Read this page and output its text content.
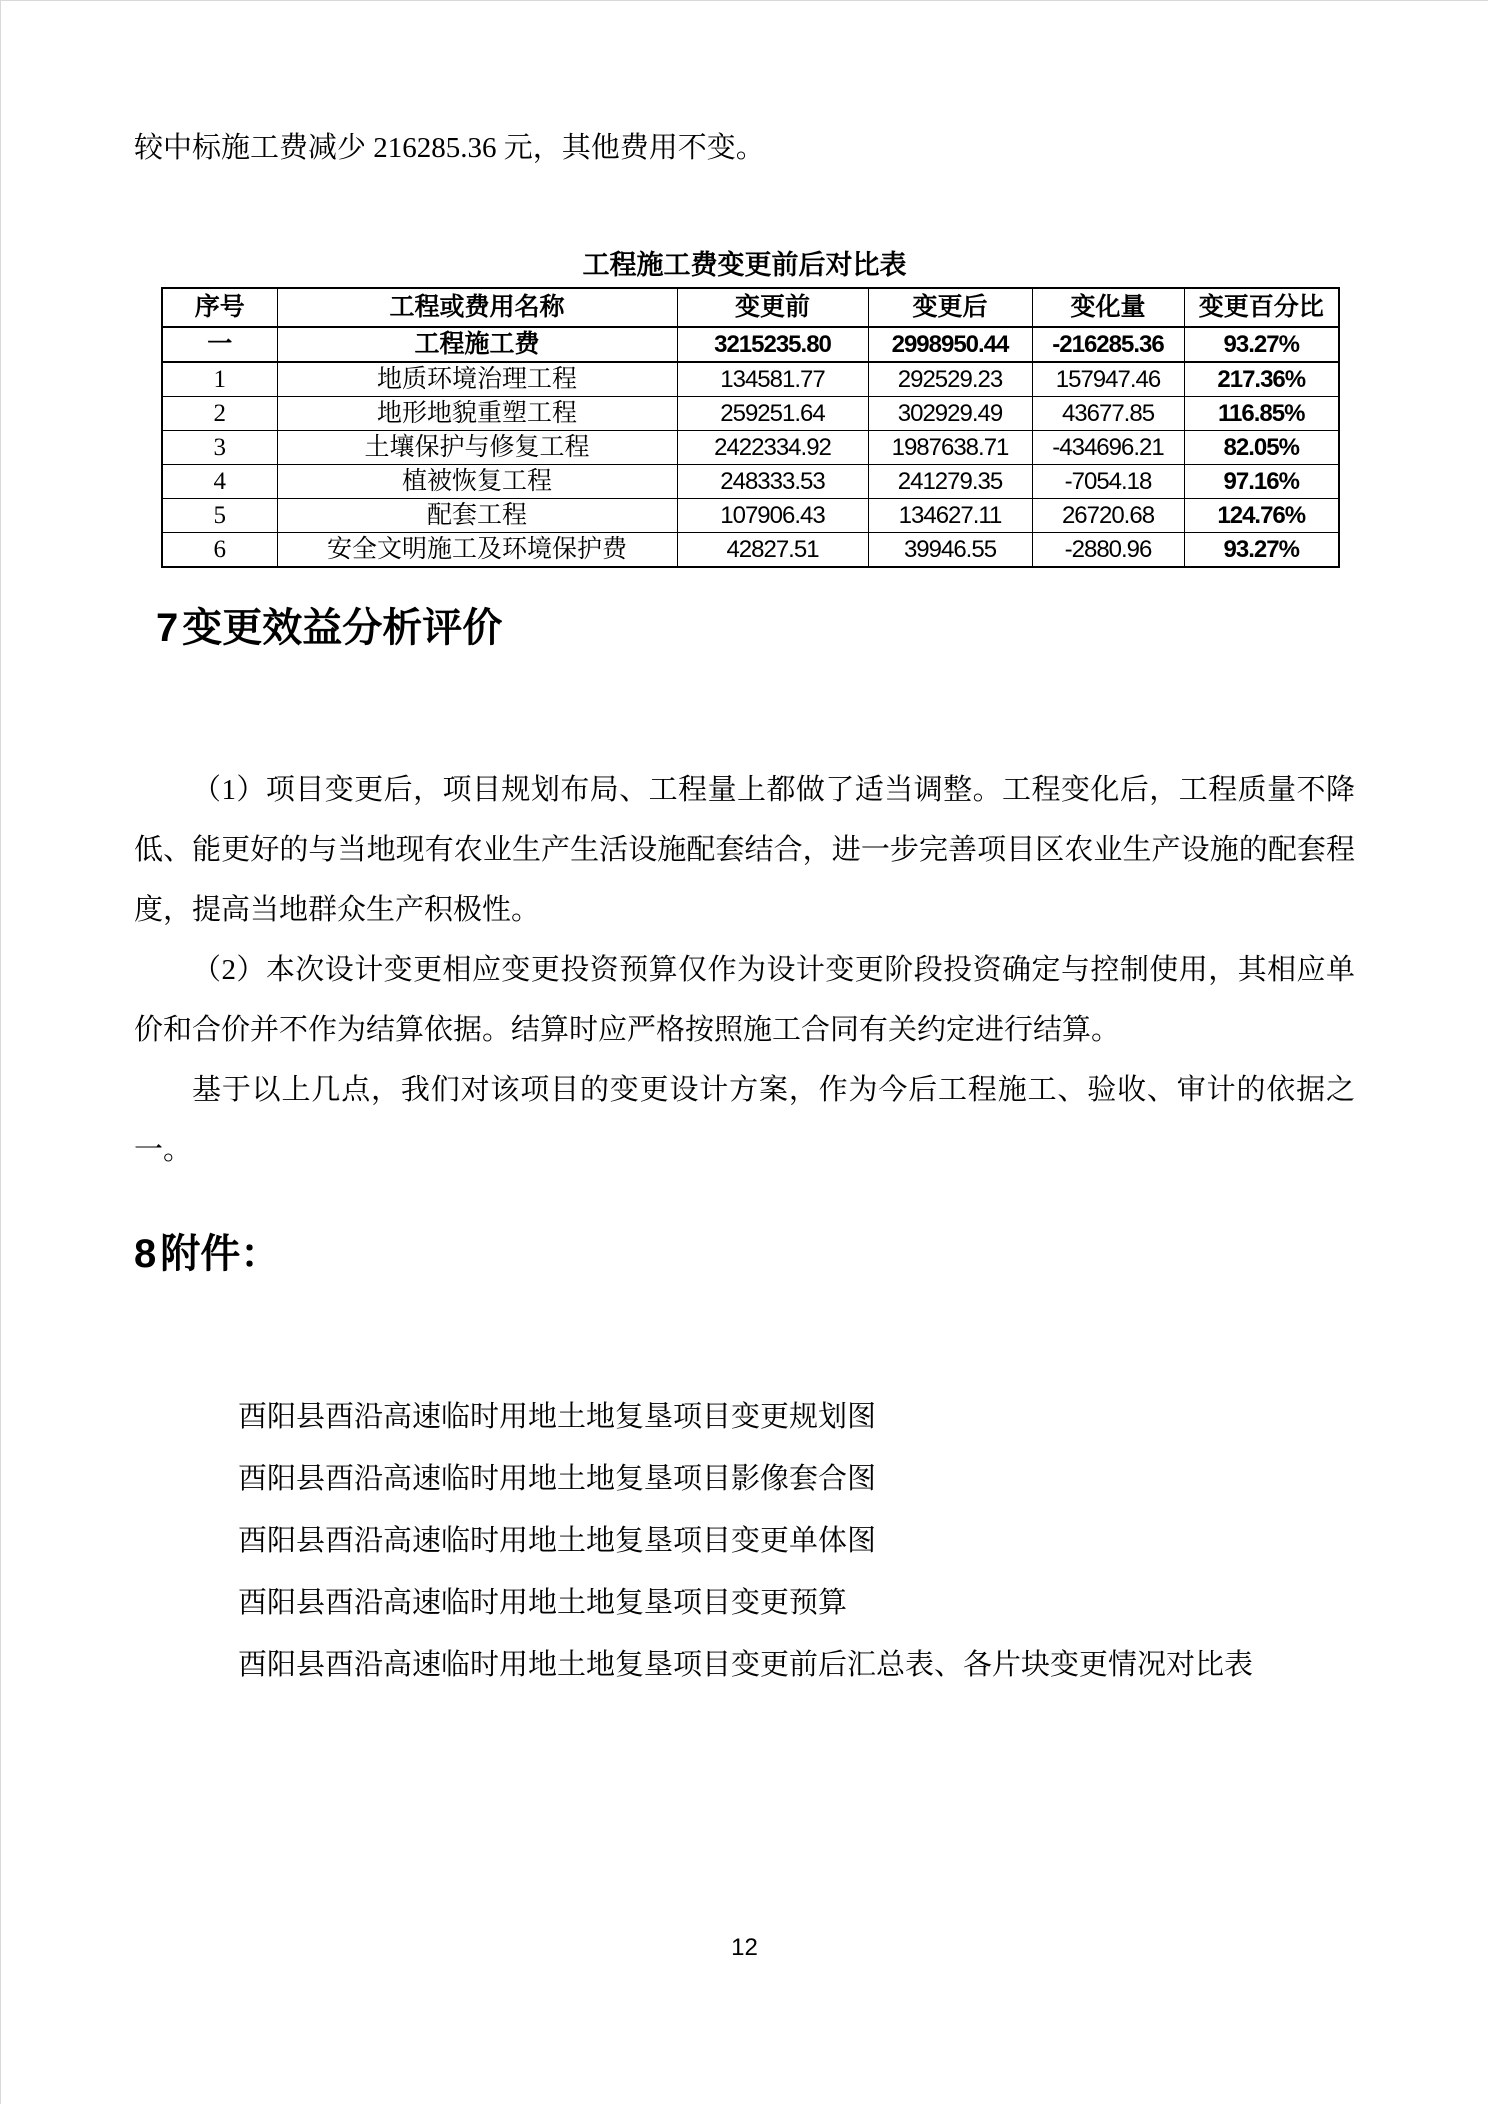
较中标施工费减少 216285.36 元，其他费用不变。

工程施工费变更前后对比表
序号	工程或费用名称	变更前	变更后	变化量	变更百分比
一	工程施工费	3215235.80	2998950.44	-216285.36	93.27%
1	地质环境治理工程	134581.77	292529.23	157947.46	217.36%
2	地形地貌重塑工程	259251.64	302929.49	43677.85	116.85%
3	土壤保护与修复工程	2422334.92	1987638.71	-434696.21	82.05%
4	植被恢复工程	248333.53	241279.35	-7054.18	97.16%
5	配套工程	107906.43	134627.11	26720.68	124.76%
6	安全文明施工及环境保护费	42827.51	39946.55	-2880.96	93.27%
7 变更效益分析评价

（1）项目变更后，项目规划布局、工程量上都做了适当调整。工程变化后，工程质量不降低、能更好的与当地现有农业生产生活设施配套结合，进一步完善项目区农业生产设施的配套程度，提高当地群众生产积极性。

（2）本次设计变更相应变更投资预算仅作为设计变更阶段投资确定与控制使用，其相应单价和合价并不作为结算依据。结算时应严格按照施工合同有关约定进行结算。

基于以上几点，我们对该项目的变更设计方案，作为今后工程施工、验收、审计的依据之一。

8 附件：
酉阳县酉沿高速临时用地土地复垦项目变更规划图
酉阳县酉沿高速临时用地土地复垦项目影像套合图
酉阳县酉沿高速临时用地土地复垦项目变更单体图
酉阳县酉沿高速临时用地土地复垦项目变更预算
酉阳县酉沿高速临时用地土地复垦项目变更前后汇总表、各片块变更情况对比表
12
